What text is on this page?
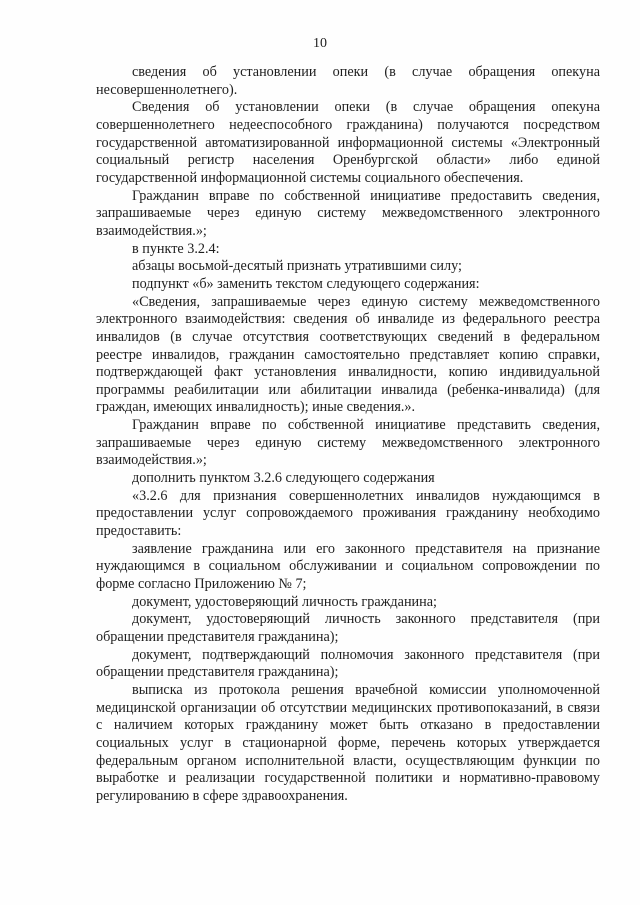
10

сведения об установлении опеки (в случае обращения опекуна несовершеннолетнего).

Сведения об установлении опеки (в случае обращения опекуна совершеннолетнего недееспособного гражданина) получаются посредством государственной автоматизированной информационной системы «Электронный социальный регистр населения Оренбургской области» либо единой государственной информационной системы социального обеспечения.

Гражданин вправе по собственной инициативе предоставить сведения, запрашиваемые через единую систему межведомственного электронного взаимодействия.»;

в пункте 3.2.4:

абзацы восьмой-десятый признать утратившими силу;

подпункт «б» заменить текстом следующего содержания:

«Сведения, запрашиваемые через единую систему межведомственного электронного взаимодействия: сведения об инвалиде из федерального реестра инвалидов (в случае отсутствия соответствующих сведений в федеральном реестре инвалидов, гражданин самостоятельно представляет копию справки, подтверждающей факт установления инвалидности, копию индивидуальной программы реабилитации или абилитации инвалида (ребенка-инвалида) (для граждан, имеющих инвалидность); иные сведения.».

Гражданин вправе по собственной инициативе представить сведения, запрашиваемые через единую систему межведомственного электронного взаимодействия.»;

дополнить пунктом 3.2.6 следующего содержания

«3.2.6 для признания совершеннолетних инвалидов нуждающимся в предоставлении услуг сопровождаемого проживания гражданину необходимо предоставить:

заявление гражданина или его законного представителя на признание нуждающимся в социальном обслуживании и социальном сопровождении по форме согласно Приложению № 7;

документ, удостоверяющий личность гражданина;

документ, удостоверяющий личность законного представителя (при обращении представителя гражданина);

документ, подтверждающий полномочия законного представителя (при обращении представителя гражданина);

выписка из протокола решения врачебной комиссии уполномоченной медицинской организации об отсутствии медицинских противопоказаний, в связи с наличием которых гражданину может быть отказано в предоставлении социальных услуг в стационарной форме, перечень которых утверждается федеральным органом исполнительной власти, осуществляющим функции по выработке и реализации государственной политики и нормативно-правовому регулированию в сфере здравоохранения.
